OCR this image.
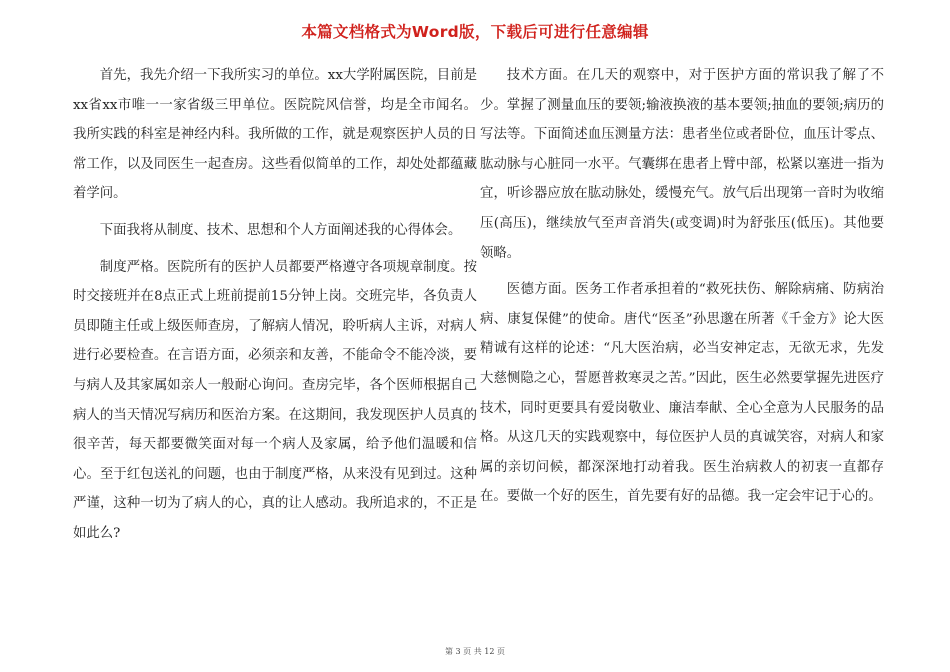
本篇文档格式为Word版，下载后可进行任意编辑

首先，我先介绍一下我所实习的单位。xx大学附属医院，目前是xx省xx市唯一一家省级三甲单位。医院院风信誉，均是全市闻名。我所实践的科室是神经内科。我所做的工作，就是观察医护人员的日常工作，以及同医生一起查房。这些看似简单的工作，却处处都蕴藏着学问。

下面我将从制度、技术、思想和个人方面阐述我的心得体会。

制度严格。医院所有的医护人员都要严格遵守各项规章制度。按时交接班并在8点正式上班前提前15分钟上岗。交班完毕，各负责人员即随主任或上级医师查房，了解病人情况，聆听病人主诉，对病人进行必要检查。在言语方面，必须亲和友善，不能命令不能冷淡，要与病人及其家属如亲人一般耐心询问。查房完毕，各个医师根据自己病人的当天情况写病历和医治方案。在这期间，我发现医护人员真的很辛苦，每天都要微笑面对每一个病人及家属，给予他们温暖和信心。至于红包送礼的问题，也由于制度严格，从来没有见到过。这种严谨，这种一切为了病人的心，真的让人感动。我所追求的，不正是如此么?

技术方面。在几天的观察中，对于医护方面的常识我了解了不少。掌握了测量血压的要领;输液换液的基本要领;抽血的要领;病历的写法等。下面简述血压测量方法：患者坐位或者卧位，血压计零点、肱动脉与心脏同一水平。气囊绑在患者上臂中部，松紧以塞进一指为宜，听诊器应放在肱动脉处，缓慢充气。放气后出现第一音时为收缩压(高压)，继续放气至声音消失(或变调)时为舒张压(低压)。其他要领略。

医德方面。医务工作者承担着的“救死扶伤、解除病痛、防病治病、康复保健”的使命。唐代“医圣”孙思邈在所著《千金方》论大医精诚有这样的论述：“凡大医治病，必当安神定志，无欲无求，先发大慈恻隐之心，誓愿普救寒灵之苦。”因此，医生必然要掌握先进医疗技术，同时更要具有爱岗敬业、廉洁奉献、全心全意为人民服务的品格。从这几天的实践观察中，每位医护人员的真诚笑容，对病人和家属的亲切问候，都深深地打动着我。医生治病救人的初衷一直都存在。要做一个好的医生，首先要有好的品德。我一定会牢记于心的。

第 3 页 共 12 页
